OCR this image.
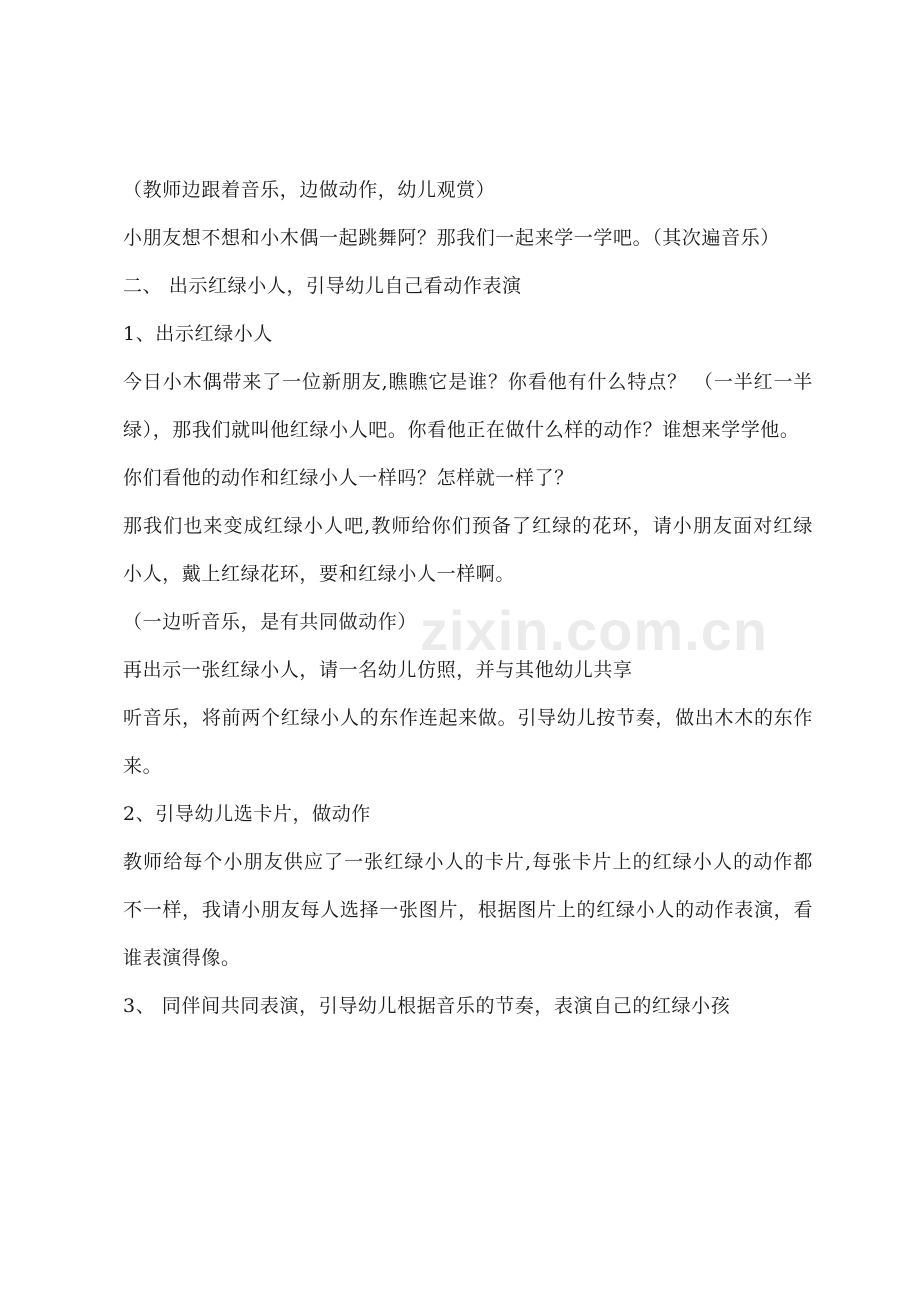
（教师边跟着音乐，边做动作，幼儿观赏）

小朋友想不想和小木偶一起跳舞阿？那我们一起来学一学吧。（其次遍音乐）

二、 出示红绿小人，引导幼儿自己看动作表演

1、出示红绿小人

今日小木偶带来了一位新朋友,瞧瞧它是谁？你看他有什么特点？ （一半红一半绿），那我们就叫他红绿小人吧。你看他正在做什么样的动作？谁想来学学他。

你们看他的动作和红绿小人一样吗？怎样就一样了？

那我们也来变成红绿小人吧,教师给你们预备了红绿的花环，请小朋友面对红绿小人，戴上红绿花环，要和红绿小人一样啊。

（一边听音乐，是有共同做动作）

再出示一张红绿小人，请一名幼儿仿照，并与其他幼儿共享

听音乐，将前两个红绿小人的东作连起来做。引导幼儿按节奏，做出木木的东作来。

2、引导幼儿选卡片，做动作

教师给每个小朋友供应了一张红绿小人的卡片,每张卡片上的红绿小人的动作都不一样，我请小朋友每人选择一张图片，根据图片上的红绿小人的动作表演，看谁表演得像。

3、 同伴间共同表演，引导幼儿根据音乐的节奏，表演自己的红绿小孩

zixin.com.cn
